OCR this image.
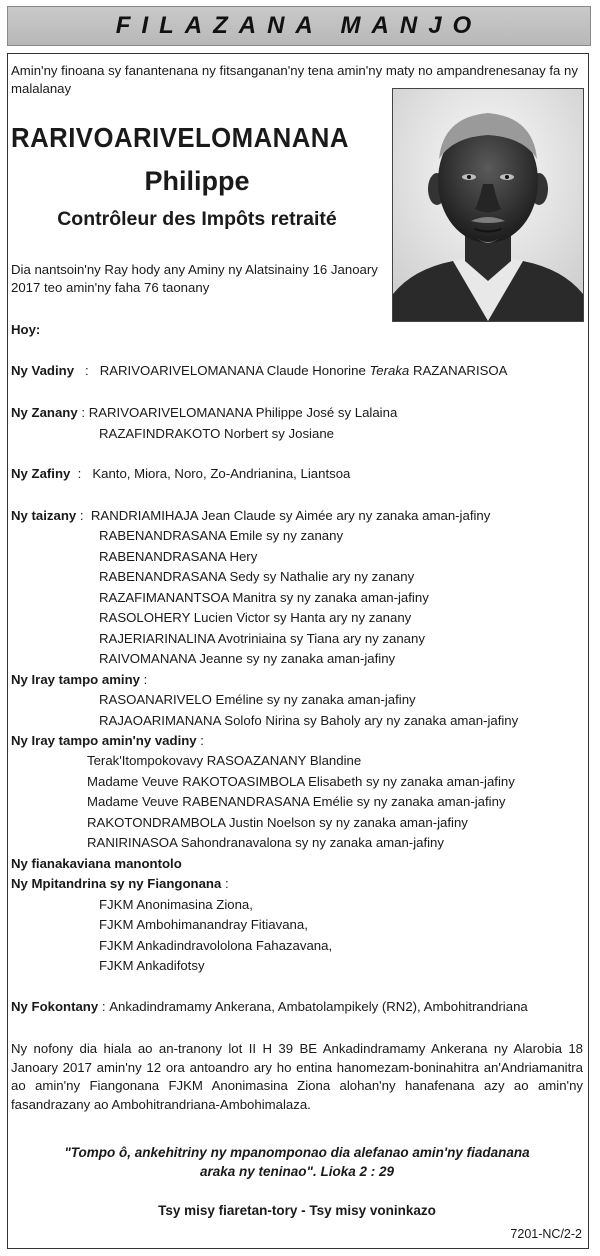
FILAZANA MANJO
Amin'ny finoana sy fanantenana ny fitsanganan'ny tena amin'ny maty no ampandrenesanay fa ny malalanay
RARIVOARIVELOMANANA
Philippe
Contrôleur des Impôts retraité
Dia nantsoin'ny Ray hody any Aminy ny Alatsinainy 16 Janoary 2017 teo amin'ny faha 76 taonany
Hoy:
Ny Vadiny   :   RARIVOARIVELOMANANA Claude Honorine Teraka RAZANARISOA
Ny Zanany : RARIVOARIVELOMANANA Philippe José sy Lalaina
RAZAFINDRAKOTO Norbert sy Josiane
Ny Zafiny  :   Kanto, Miora, Noro, Zo-Andrianina, Liantsoa
Ny taizany :  RANDRIAMIHAJA Jean Claude sy Aimée ary ny zanaka aman-jafiny
RABENANDRASANA Emile sy ny zanany
RABENANDRASANA Hery
RABENANDRASANA Sedy sy Nathalie ary ny zanany
RAZAFIMANANTSOA Manitra sy ny zanaka aman-jafiny
RASOLOHERY Lucien Victor sy Hanta ary ny zanany
RAJERIARINALINA Avotriniaina sy Tiana ary ny zanany
RAIVOMANANA Jeanne sy ny zanaka aman-jafiny
Ny Iray tampo aminy :
RASOANARIVELO Eméline sy ny zanaka aman-jafiny
RAJAOARIMANANA Solofo Nirina sy Baholy ary ny zanaka aman-jafiny
Ny Iray tampo amin'ny vadiny :
Terak'Itompokovavy RASOAZANANY Blandine
Madame Veuve RAKOTOASIMBOLA Elisabeth sy ny zanaka aman-jafiny
Madame Veuve RABENANDRASANA Emélie sy ny zanaka aman-jafiny
RAKOTONDRAMBOLA Justin Noelson sy ny zanaka aman-jafiny
RANIRINASOA Sahondranavalona sy ny zanaka aman-jafiny
Ny fianakaviana manontolo
Ny Mpitandrina sy ny Fiangonana :
FJKM Anonimasina Ziona,
FJKM Ambohimanandray Fitiavana,
FJKM Ankadindravololona Fahazavana,
FJKM Ankadifotsy
Ny Fokontany : Ankadindramamy Ankerana, Ambatolampikely (RN2), Ambohitrandriana
Ny nofony dia hiala ao an-tranony lot II H 39 BE Ankadindramamy Ankerana ny Alarobia 18 Janoary 2017 amin'ny 12 ora antoandro ary ho entina hanomezam-boninahitra an'Andriamanitra ao amin'ny Fiangonana FJKM Anonimasina Ziona alohan'ny hanafenana azy ao amin'ny fasandrazany ao Ambohitrandriana-Ambohimalaza.
"Tompo ô, ankehitriny ny mpanomponao dia alefanao amin'ny fiadanana
araka ny teninao". Lioka 2 : 29
Tsy misy fiaretan-tory - Tsy misy voninkazo
7201-NC/2-2
